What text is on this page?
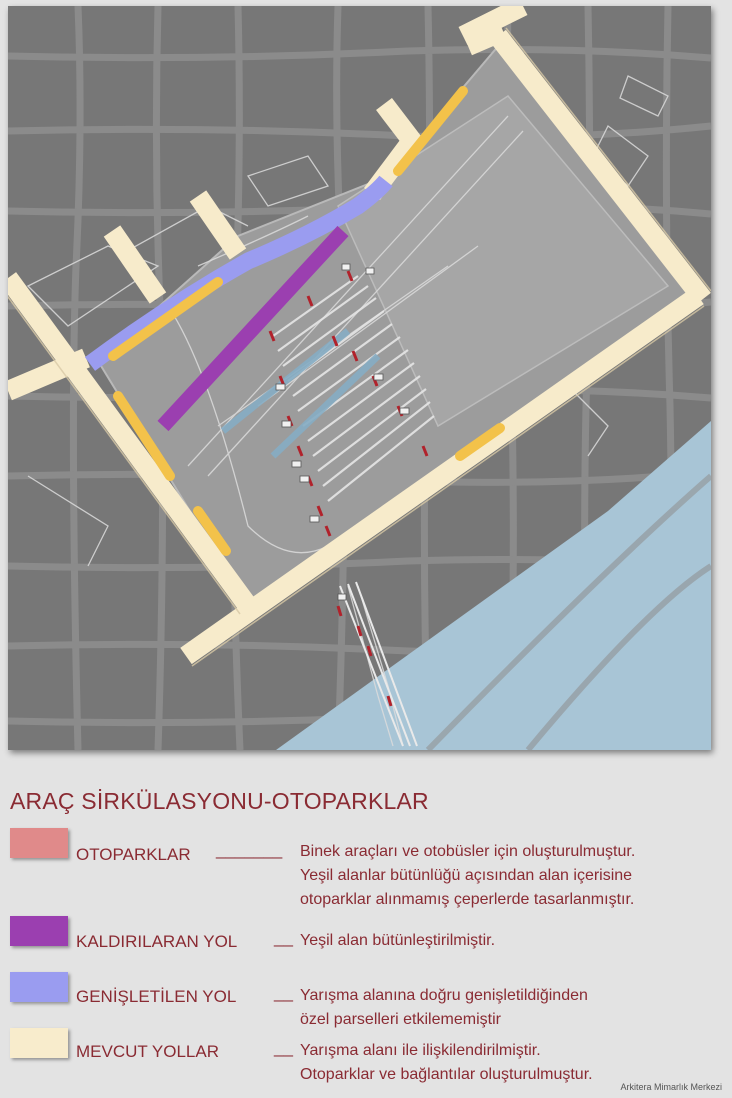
ARAÇ SİRKÜLASYONU-OTOPARKLAR
OTOPARKLAR _______ Binek araçları ve otobüsler için oluşturulmuştur.
Yeşil alanlar bütünlüğü açısından alan içerisine
otoparklar alınmamış çeperlerde tasarlanmıştır.
KALDIRILARAN YOL __ Yeşil alan bütünleştirilmiştir.
GENİŞLETİLEN YOL __ Yarışma alanına doğru genişletildiğinden
özel parselleri etkilememiştir
MEVCUT YOLLAR	__ Yarışma alanı ile ilişkilendirilmiştir.
Otoparklar ve bağlantılar oluşturulmuştur.
Arkitera Mimarlık Merkezi
